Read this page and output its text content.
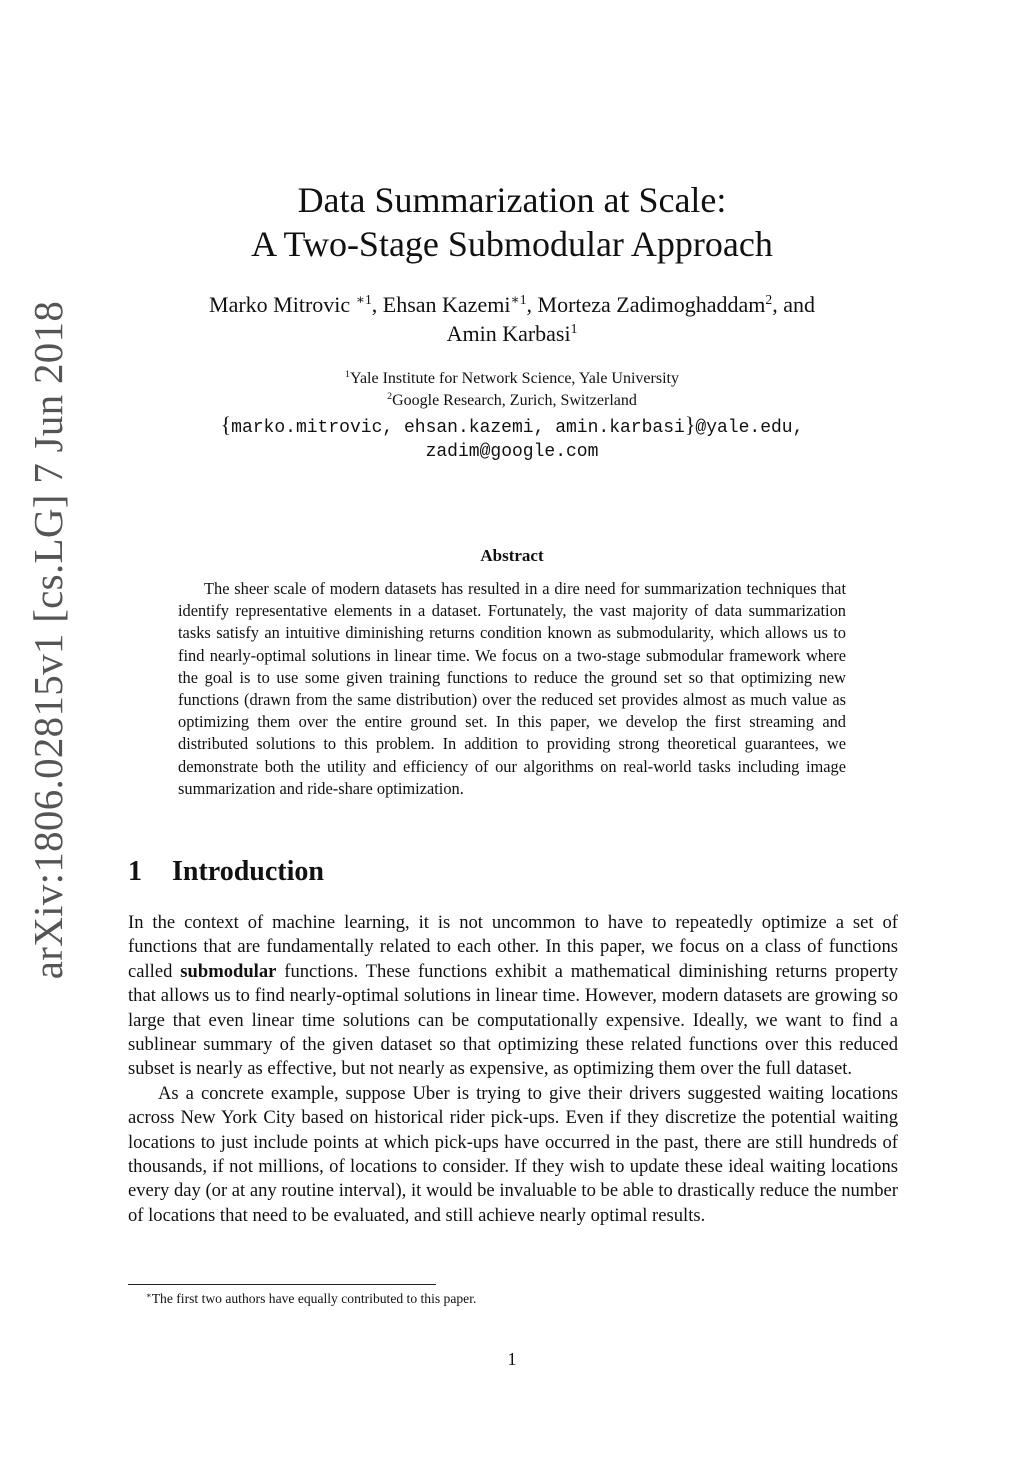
arXiv:1806.02815v1 [cs.LG] 7 Jun 2018
Data Summarization at Scale:
A Two-Stage Submodular Approach
Marko Mitrovic $^{∗1}$, Ehsan Kazemi$^{∗1}$, Morteza Zadimoghaddam$^2$, and
Amin Karbasi$^1$
$^1$Yale Institute for Network Science, Yale University
$^2$Google Research, Zurich, Switzerland
{marko.mitrovic, ehsan.kazemi, amin.karbasi}@yale.edu,
zadim@google.com
Abstract
The sheer scale of modern datasets has resulted in a dire need for summarization techniques that identify representative elements in a dataset. Fortunately, the vast majority of data summarization tasks satisfy an intuitive diminishing returns condition known as submodularity, which allows us to find nearly-optimal solutions in linear time. We focus on a two-stage submodular framework where the goal is to use some given training functions to reduce the ground set so that optimizing new functions (drawn from the same distribution) over the reduced set provides almost as much value as optimizing them over the entire ground set. In this paper, we develop the first streaming and distributed solutions to this problem. In addition to providing strong theoretical guarantees, we demonstrate both the utility and efficiency of our algorithms on real-world tasks including image summarization and ride-share optimization.
1 Introduction

In the context of machine learning, it is not uncommon to have to repeatedly optimize a set of functions that are fundamentally related to each other. In this paper, we focus on a class of functions called submodular functions. These functions exhibit a mathematical diminishing returns property that allows us to find nearly-optimal solutions in linear time. However, modern datasets are growing so large that even linear time solutions can be computationally expensive. Ideally, we want to find a sublinear summary of the given dataset so that optimizing these related functions over this reduced subset is nearly as effective, but not nearly as expensive, as optimizing them over the full dataset.

As a concrete example, suppose Uber is trying to give their drivers suggested waiting locations across New York City based on historical rider pick-ups. Even if they discretize the potential waiting locations to just include points at which pick-ups have occurred in the past, there are still hundreds of thousands, if not millions, of locations to consider. If they wish to update these ideal waiting locations every day (or at any routine interval), it would be invaluable to be able to drastically reduce the number of locations that need to be evaluated, and still achieve nearly optimal results.

∗The first two authors have equally contributed to this paper.
1
